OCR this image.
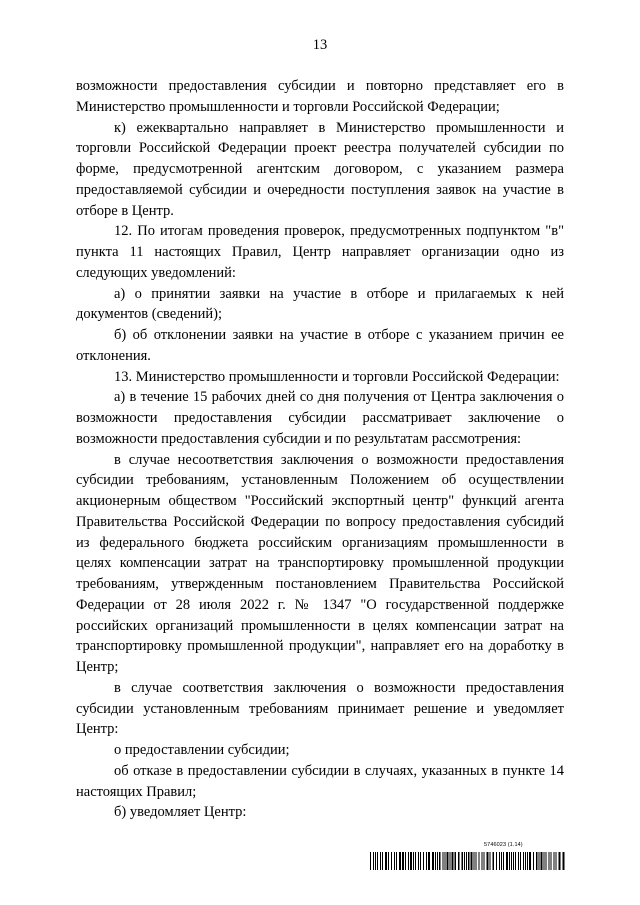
13

возможности предоставления субсидии и повторно представляет его в Министерство промышленности и торговли Российской Федерации;

к) ежеквартально направляет в Министерство промышленности и торговли Российской Федерации проект реестра получателей субсидии по форме, предусмотренной агентским договором, с указанием размера предоставляемой субсидии и очередности поступления заявок на участие в отборе в Центр.

12. По итогам проведения проверок, предусмотренных подпунктом "в" пункта 11 настоящих Правил, Центр направляет организации одно из следующих уведомлений:

а) о принятии заявки на участие в отборе и прилагаемых к ней документов (сведений);

б) об отклонении заявки на участие в отборе с указанием причин ее отклонения.

13. Министерство промышленности и торговли Российской Федерации:

а) в течение 15 рабочих дней со дня получения от Центра заключения о возможности предоставления субсидии рассматривает заключение о возможности предоставления субсидии и по результатам рассмотрения:

в случае несоответствия заключения о возможности предоставления субсидии требованиям, установленным Положением об осуществлении акционерным обществом "Российский экспортный центр" функций агента Правительства Российской Федерации по вопросу предоставления субсидий из федерального бюджета российским организациям промышленности в целях компенсации затрат на транспортировку промышленной продукции требованиям, утвержденным постановлением Правительства Российской Федерации от 28 июля 2022 г. № 1347 "О государственной поддержке российских организаций промышленности в целях компенсации затрат на транспортировку промышленной продукции", направляет его на доработку в Центр;

в случае соответствия заключения о возможности предоставления субсидии установленным требованиям принимает решение и уведомляет Центр:

о предоставлении субсидии;

об отказе в предоставлении субсидии в случаях, указанных в пункте 14 настоящих Правил;

б) уведомляет Центр:

5746023 (1.14)
